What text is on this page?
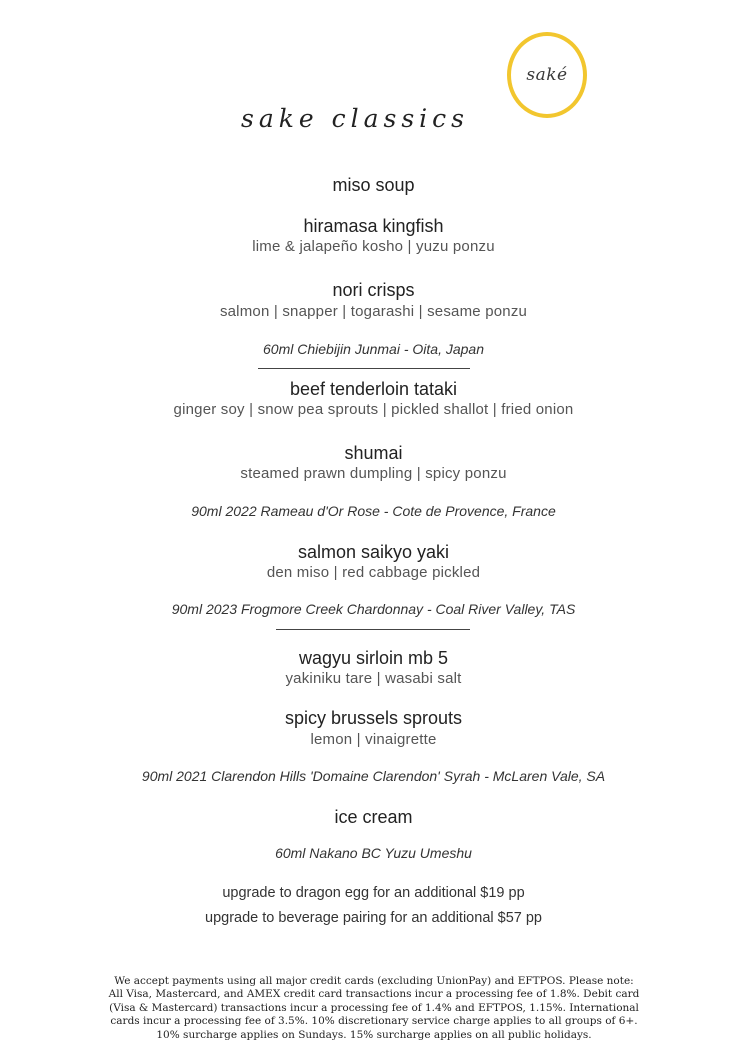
saké
sake classics

miso soup

hiramasa kingfish

lime & jalapeño kosho | yuzu ponzu

nori crisps

salmon | snapper | togarashi | sesame ponzu

60ml Chiebijin Junmai - Oita, Japan

beef tenderloin tataki

ginger soy | snow pea sprouts | pickled shallot | fried onion

shumai

steamed prawn dumpling | spicy ponzu

90ml 2022 Rameau d'Or Rose - Cote de Provence, France

salmon saikyo yaki

den miso | red cabbage pickled

90ml 2023 Frogmore Creek Chardonnay - Coal River Valley, TAS

wagyu sirloin mb 5

yakiniku tare | wasabi salt

spicy brussels sprouts

lemon | vinaigrette

90ml 2021 Clarendon Hills 'Domaine Clarendon' Syrah - McLaren Vale, SA

ice cream

60ml Nakano BC Yuzu Umeshu

upgrade to dragon egg for an additional $19 pp

upgrade to beverage pairing for an additional $57 pp

We accept payments using all major credit cards (excluding UnionPay) and EFTPOS. Please note: All Visa, Mastercard, and AMEX credit card transactions incur a processing fee of 1.8%. Debit card (Visa & Mastercard) transactions incur a processing fee of 1.4% and EFTPOS, 1.15%. International cards incur a processing fee of 3.5%. 10% discretionary service charge applies to all groups of 6+. 10% surcharge applies on Sundays. 15% surcharge applies on all public holidays.
